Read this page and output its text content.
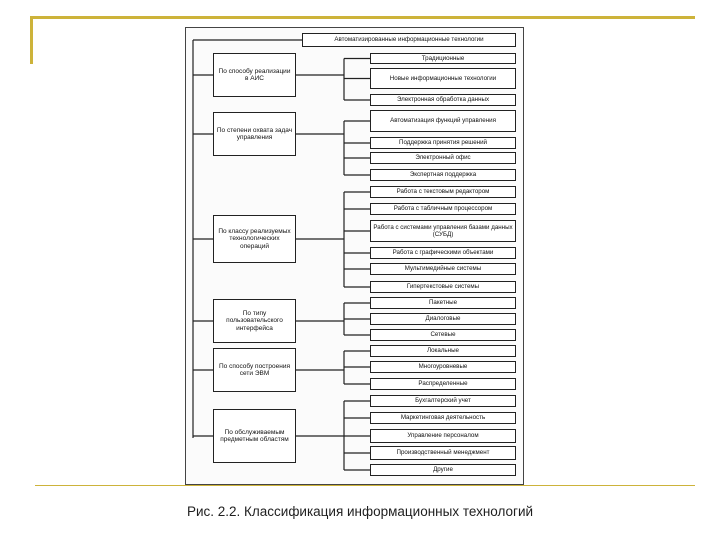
Автоматизированные информационные технологии
По способу реализации в АИС
По степени охвата задач управления
По классу реализуемых технологических операций
По типу пользовательского интерфейса
По способу построения сети ЭВМ
По обслуживаемым предметным областям
Традиционные
Новые информационные технологии
Электронная обработка данных
Автоматизация функций управления
Поддержка принятия решений
Электронный офис
Экспертная поддержка
Работа с текстовым редактором
Работа с табличным процессором
Работа с системами управления базами данных (СУБД)
Работа с графическими объектами
Мультимедийные системы
Гипертекстовые системы
Пакетные
Диалоговые
Сетевые
Локальные
Многоуровневые
Распределенные
Бухгалтерский учет
Маркетинговая деятельность
Управление персоналом
Производственный менеджмент
Другие
Рис. 2.2. Классификация информационных технологий
